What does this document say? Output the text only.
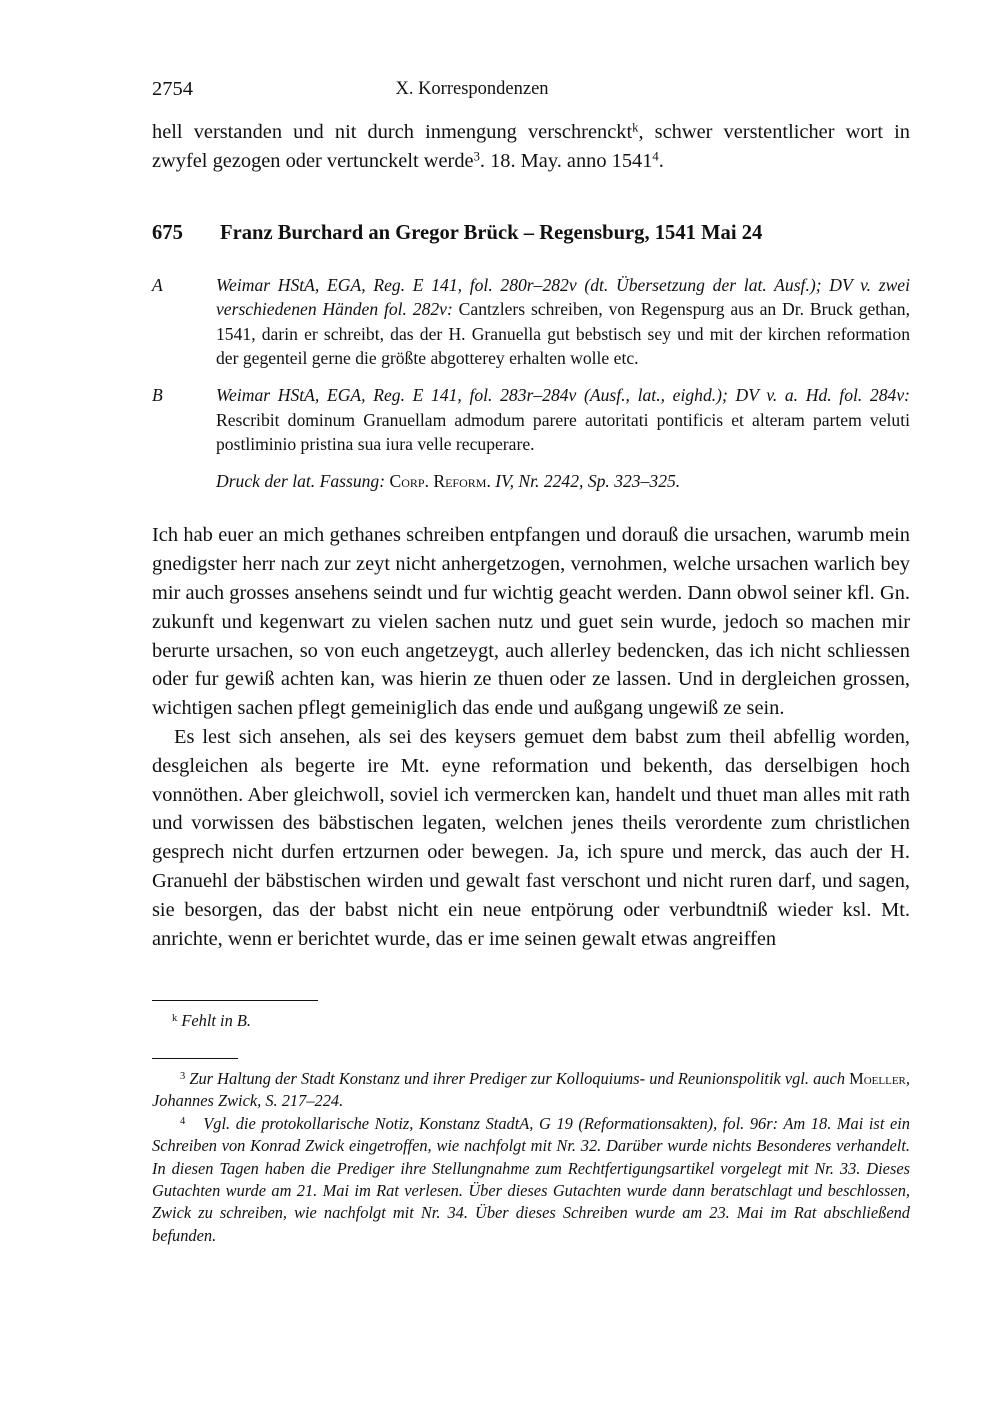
2754	X. Korrespondenzen

hell verstanden und nit durch inmengung verschrenckt$^k$, schwer verstentlicher wort in zwyfel gezogen oder vertunckelt werde$^3$. 18. May. anno 1541$^4$.

675	Franz Burchard an Gregor Brück – Regensburg, 1541 Mai 24
A	Weimar HStA, EGA, Reg. E 141, fol. 280r–282v (dt. Übersetzung der lat. Ausf.); DV v. zwei verschiedenen Händen fol. 282v: Cantzlers schreiben, von Regenspurg aus an Dr. Bruck gethan, 1541, darin er schreibt, das der H. Granuella gut bebstisch sey und mit der kirchen reformation der gegenteil gerne die größte abgotterey erhalten wolle etc.
B	Weimar HStA, EGA, Reg. E 141, fol. 283r–284v (Ausf., lat., eighd.); DV v. a. Hd. fol. 284v: Rescribit dominum Granuellam admodum parere autoritati pontificis et alteram partem veluti postliminio pristina sua iura velle recuperare.

Druck der lat. Fassung: Corp. Reform. IV, Nr. 2242, Sp. 323–325.

Ich hab euer an mich gethanes schreiben entpfangen und dorauß die ursachen, warumb mein gnedigster herr nach zur zeyt nicht anhergetzogen, vernohmen, welche ursachen warlich bey mir auch grosses ansehens seindt und fur wichtig geacht werden. Dann obwol seiner kfl. Gn. zukunft und kegenwart zu vielen sachen nutz und guet sein wurde, jedoch so machen mir berurte ursachen, so von euch angetzeygt, auch allerley bedencken, das ich nicht schliessen oder fur gewiß achten kan, was hierin ze thuen oder ze lassen. Und in dergleichen grossen, wichtigen sachen pflegt gemeiniglich das ende und außgang ungewiß ze sein.

Es lest sich ansehen, als sei des keysers gemuet dem babst zum theil abfellig worden, desgleichen als begerte ire Mt. eyne reformation und bekenth, das derselbigen hoch vonnöthen. Aber gleichwoll, soviel ich vermercken kan, handelt und thuet man alles mit rath und vorwissen des bäbstischen legaten, welchen jenes theils verordente zum christlichen gesprech nicht durfen ertzurnen oder bewegen. Ja, ich spure und merck, das auch der H. Granuehl der bäbstischen wirden und gewalt fast verschont und nicht ruren darf, und sagen, sie besorgen, das der babst nicht ein neue entpörung oder verbundtniß wieder ksl. Mt. anrichte, wenn er berichtet wurde, das er ime seinen gewalt etwas angreiffen

$^k$ Fehlt in B.

$^3$ Zur Haltung der Stadt Konstanz und ihrer Prediger zur Kolloquiums- und Reunionspolitik vgl. auch Moeller, Johannes Zwick, S. 217–224.

$^4$ Vgl. die protokollarische Notiz, Konstanz StadtA, G 19 (Reformationsakten), fol. 96r: Am 18. Mai ist ein Schreiben von Konrad Zwick eingetroffen, wie nachfolgt mit Nr. 32. Darüber wurde nichts Besonderes verhandelt. In diesen Tagen haben die Prediger ihre Stellungnahme zum Rechtfertigungsartikel vorgelegt mit Nr. 33. Dieses Gutachten wurde am 21. Mai im Rat verlesen. Über dieses Gutachten wurde dann beratschlagt und beschlossen, Zwick zu schreiben, wie nachfolgt mit Nr. 34. Über dieses Schreiben wurde am 23. Mai im Rat abschließend befunden.
